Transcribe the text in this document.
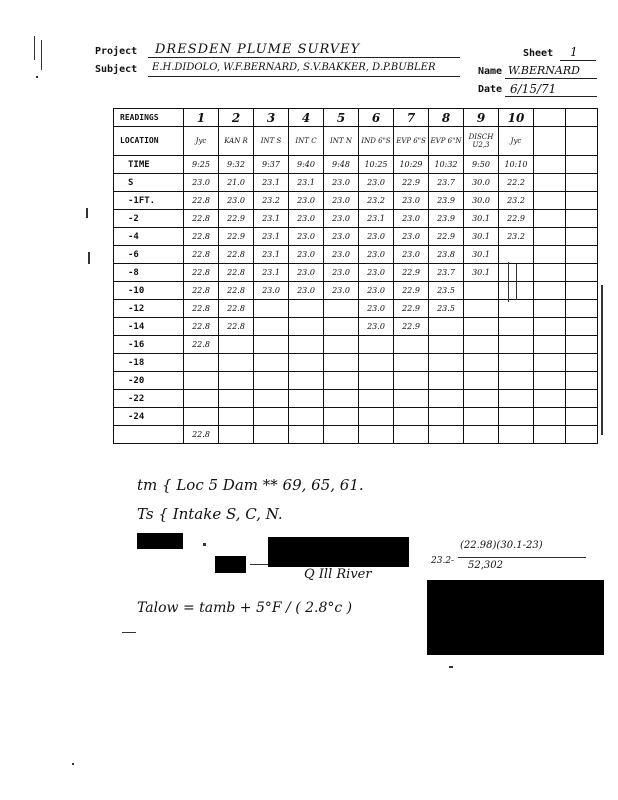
Project DRESDEN PLUME SURVEY
Subject E.H.DIDOLO, W.F.BERNARD, S.V.BAKKER, D.P.BUBLER
Sheet 1
Name W.BERNARD
Date 6/15/71
READINGS	1	2	3	4	5	6	7	8	9	10		
LOCATION	Jyc	KAN R	INT S	INT C	INT N	IND 6"S	EVP 6"S	EVP 6"N	DISCH U2,3	Jyc		
TIME	9:25	9:32	9:37	9:40	9:48	10:25	10:29	10:32	9:50	10:10		
S	23.0	21.0	23.1	23.1	23.0	23.0	22.9	23.7	30.0	22.2		
-1FT.	22.8	23.0	23.2	23.0	23.0	23.2	23.0	23.9	30.0	23.2		
-2	22.8	22.9	23.1	23.0	23.0	23.1	23.0	23.9	30.1	22.9		
-4	22.8	22.9	23.1	23.0	23.0	23.0	23.0	22.9	30.1	23.2		
-6	22.8	22.8	23.1	23.0	23.0	23.0	23.0	23.8	30.1			
-8	22.8	22.8	23.1	23.0	23.0	23.0	22.9	23.7	30.1			
-10	22.8	22.8	23.0	23.0	23.0	23.0	22.9	23.5				
-12	22.8	22.8				23.0	22.9	23.5				
-14	22.8	22.8				23.0	22.9					
-16	22.8											
-18												
-20												
-22												
-24												
	22.8											
tm { Loc 5 Dam ** 69, 65, 61.
Ts { Intake S, C, N.
Q Ill River
23.2-
(22.98)(30.1-23)
52,302
Talow = tamb + 5°F / ( 2.8°c )
